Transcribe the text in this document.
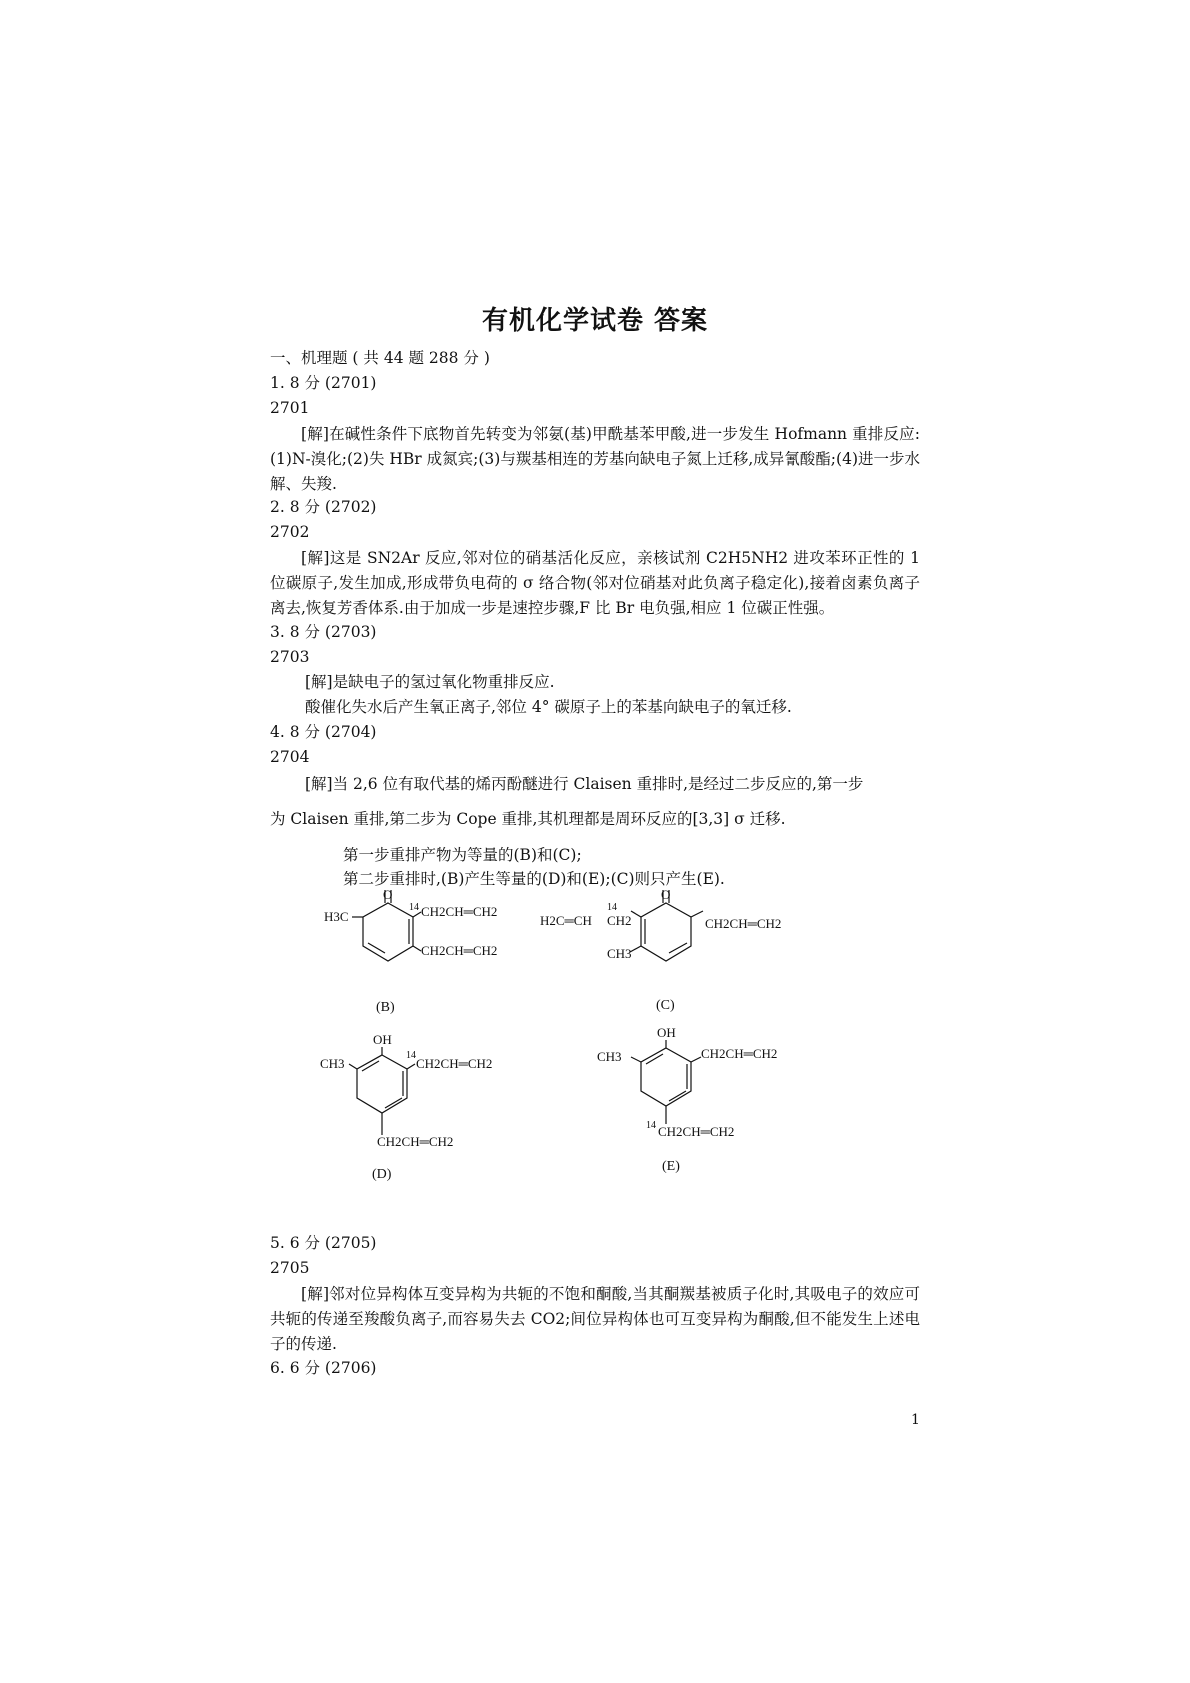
有机化学试卷 答案
一、机理题 ( 共 44 题 288 分 )
1. 8 分 (2701)
2701
[解]在碱性条件下底物首先转变为邻氨(基)甲酰基苯甲酸,进一步发生 Hofmann 重排反应:(1)N-溴化;(2)失 HBr 成氮宾;(3)与羰基相连的芳基向缺电子氮上迁移,成异氰酸酯;(4)进一步水解、失羧.
2. 8 分 (2702)
2702
[解]这是 SN2Ar 反应,邻对位的硝基活化反应，亲核试剂 C2H5NH2 进攻苯环正性的 1 位碳原子,发生加成,形成带负电荷的 σ 络合物(邻对位硝基对此负离子稳定化),接着卤素负离子离去,恢复芳香体系.由于加成一步是速控步骤,F 比 Br 电负强,相应 1 位碳正性强。
3. 8 分 (2703)
2703
[解]是缺电子的氢过氧化物重排反应.
酸催化失水后产生氧正离子,邻位 4° 碳原子上的苯基向缺电子的氧迁移.
4. 8 分 (2704)
2704
[解]当 2,6 位有取代基的烯丙酚醚进行 Claisen 重排时,是经过二步反应的,第一步
为 Claisen 重排,第二步为 Cope 重排,其机理都是周环反应的[3,3] σ 迁移.
第一步重排产物为等量的(B)和(C);
第二步重排时,(B)产生等量的(D)和(E);(C)则只产生(E).
O
H3C
14 CH2CH═CH2
CH2CH═CH2
(B)
O
H2C═CH CH2
14
CH3
CH2CH═CH2
(C)
OH
CH3
14
CH2CH═CH2
CH2CH═CH2
(D)
OH
CH3	CH2CH═CH2
14 CH2CH═CH2
(E)
5. 6 分 (2705)
2705
[解]邻对位异构体互变异构为共轭的不饱和酮酸,当其酮羰基被质子化时,其吸电子的效应可共轭的传递至羧酸负离子,而容易失去 CO2;间位异构体也可互变异构为酮酸,但不能发生上述电子的传递.
6. 6 分 (2706)
1
